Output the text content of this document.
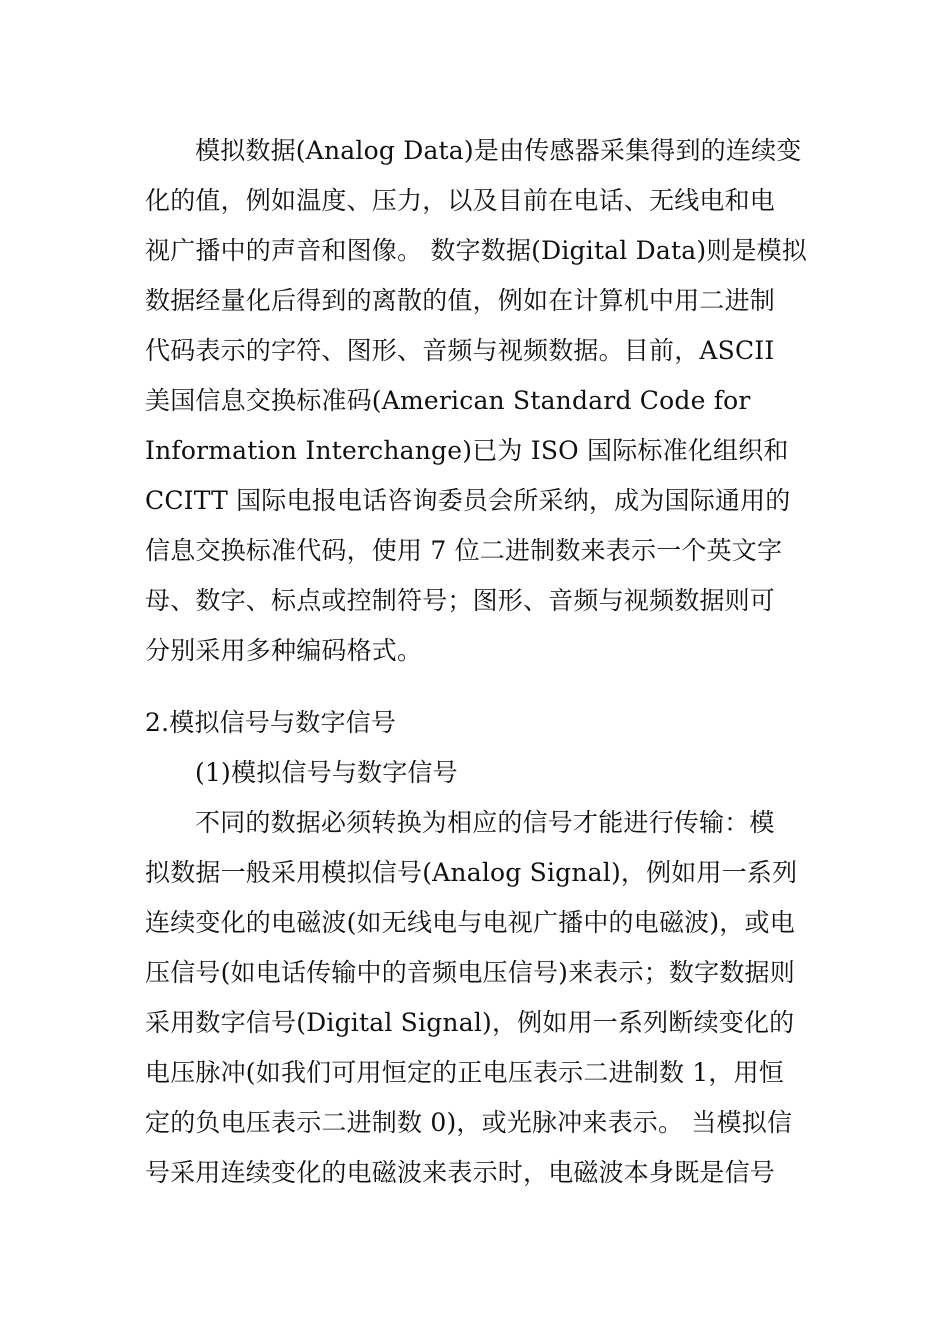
模拟数据(Analog Data)是由传感器采集得到的连续变
化的值，例如温度、压力，以及目前在电话、无线电和电
视广播中的声音和图像。 数字数据(Digital Data)则是模拟
数据经量化后得到的离散的值，例如在计算机中用二进制
代码表示的字符、图形、音频与视频数据。目前，ASCII
美国信息交换标准码(American Standard Code for
Information Interchange)已为 ISO 国际标准化组织和
CCITT 国际电报电话咨询委员会所采纳，成为国际通用的
信息交换标准代码，使用 7 位二进制数来表示一个英文字
母、数字、标点或控制符号；图形、音频与视频数据则可
分别采用多种编码格式。
2.模拟信号与数字信号
(1)模拟信号与数字信号
不同的数据必须转换为相应的信号才能进行传输：模
拟数据一般采用模拟信号(Analog Signal)，例如用一系列
连续变化的电磁波(如无线电与电视广播中的电磁波)，或电
压信号(如电话传输中的音频电压信号)来表示；数字数据则
采用数字信号(Digital Signal)，例如用一系列断续变化的
电压脉冲(如我们可用恒定的正电压表示二进制数 1，用恒
定的负电压表示二进制数 0)，或光脉冲来表示。 当模拟信
号采用连续变化的电磁波来表示时，电磁波本身既是信号
